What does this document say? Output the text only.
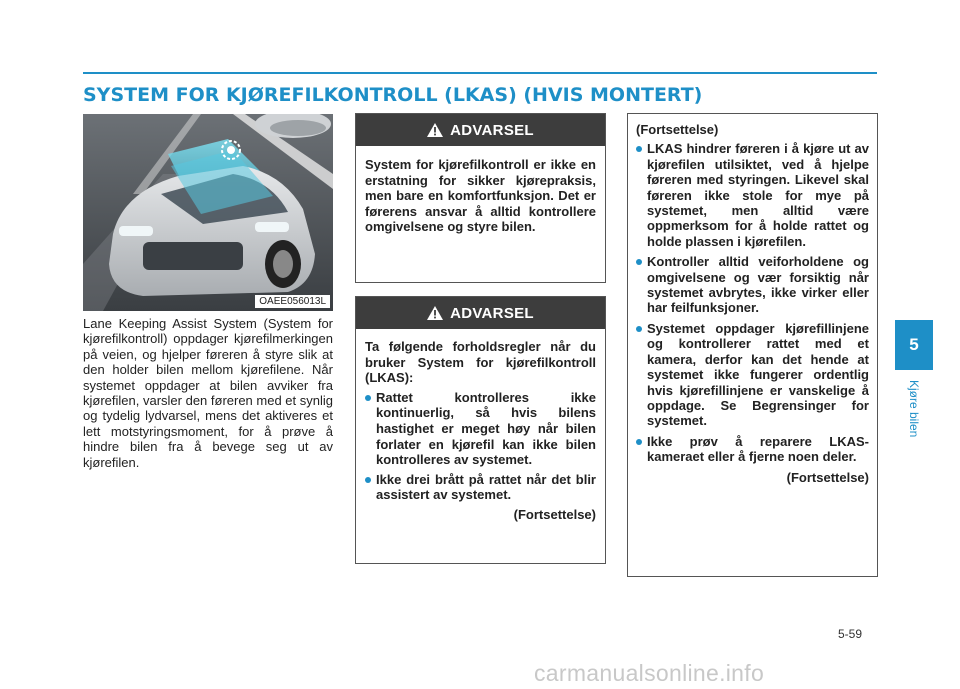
SYSTEM FOR KJØREFILKONTROLL (LKAS) (HVIS MONTERT)
OAEE056013L
Lane Keeping Assist System (System for kjørefilkontroll) oppdager kjørefilmerkingen på veien, og hjelper føreren å styre slik at den holder bilen mellom kjørefilene. Når systemet oppdager at bilen avviker fra kjørefilen, varsler den føreren med et synlig og tydelig lydvarsel, mens det aktiveres et lett motstyringsmoment, for å prøve å hindre bilen fra å bevege seg ut av kjørefilen.
ADVARSEL
System for kjørefilkontroll er ikke en erstatning for sikker kjørepraksis, men bare en komfortfunksjon. Det er førerens ansvar å alltid kontrollere omgivelsene og styre bilen.
ADVARSEL
Ta følgende forholdsregler når du bruker System for kjørefilkontroll (LKAS):
Rattet kontrolleres ikke kontinuerlig, så hvis bilens hastighet er meget høy når bilen forlater en kjørefil kan ikke bilen kontrolleres av systemet.
Ikke drei brått på rattet når det blir assistert av systemet.
(Fortsettelse)
(Fortsettelse)
LKAS hindrer føreren i å kjøre ut av kjørefilen utilsiktet, ved å hjelpe føreren med styringen. Likevel skal føreren ikke stole for mye på systemet, men alltid være oppmerksom for å holde rattet og holde plassen i kjørefilen.
Kontroller alltid veiforholdene og omgivelsene og vær forsiktig når systemet avbrytes, ikke virker eller har feilfunksjoner.
Systemet oppdager kjørefillinjene og kontrollerer rattet med et kamera, derfor kan det hende at systemet ikke fungerer ordentlig hvis kjørefillinjene er vanskelige å oppdage. Se Begrensinger for systemet.
Ikke prøv å reparere LKAS-kameraet eller å fjerne noen deler.
(Fortsettelse)
5
Kjøre bilen
5-59
carmanualsonline.info
